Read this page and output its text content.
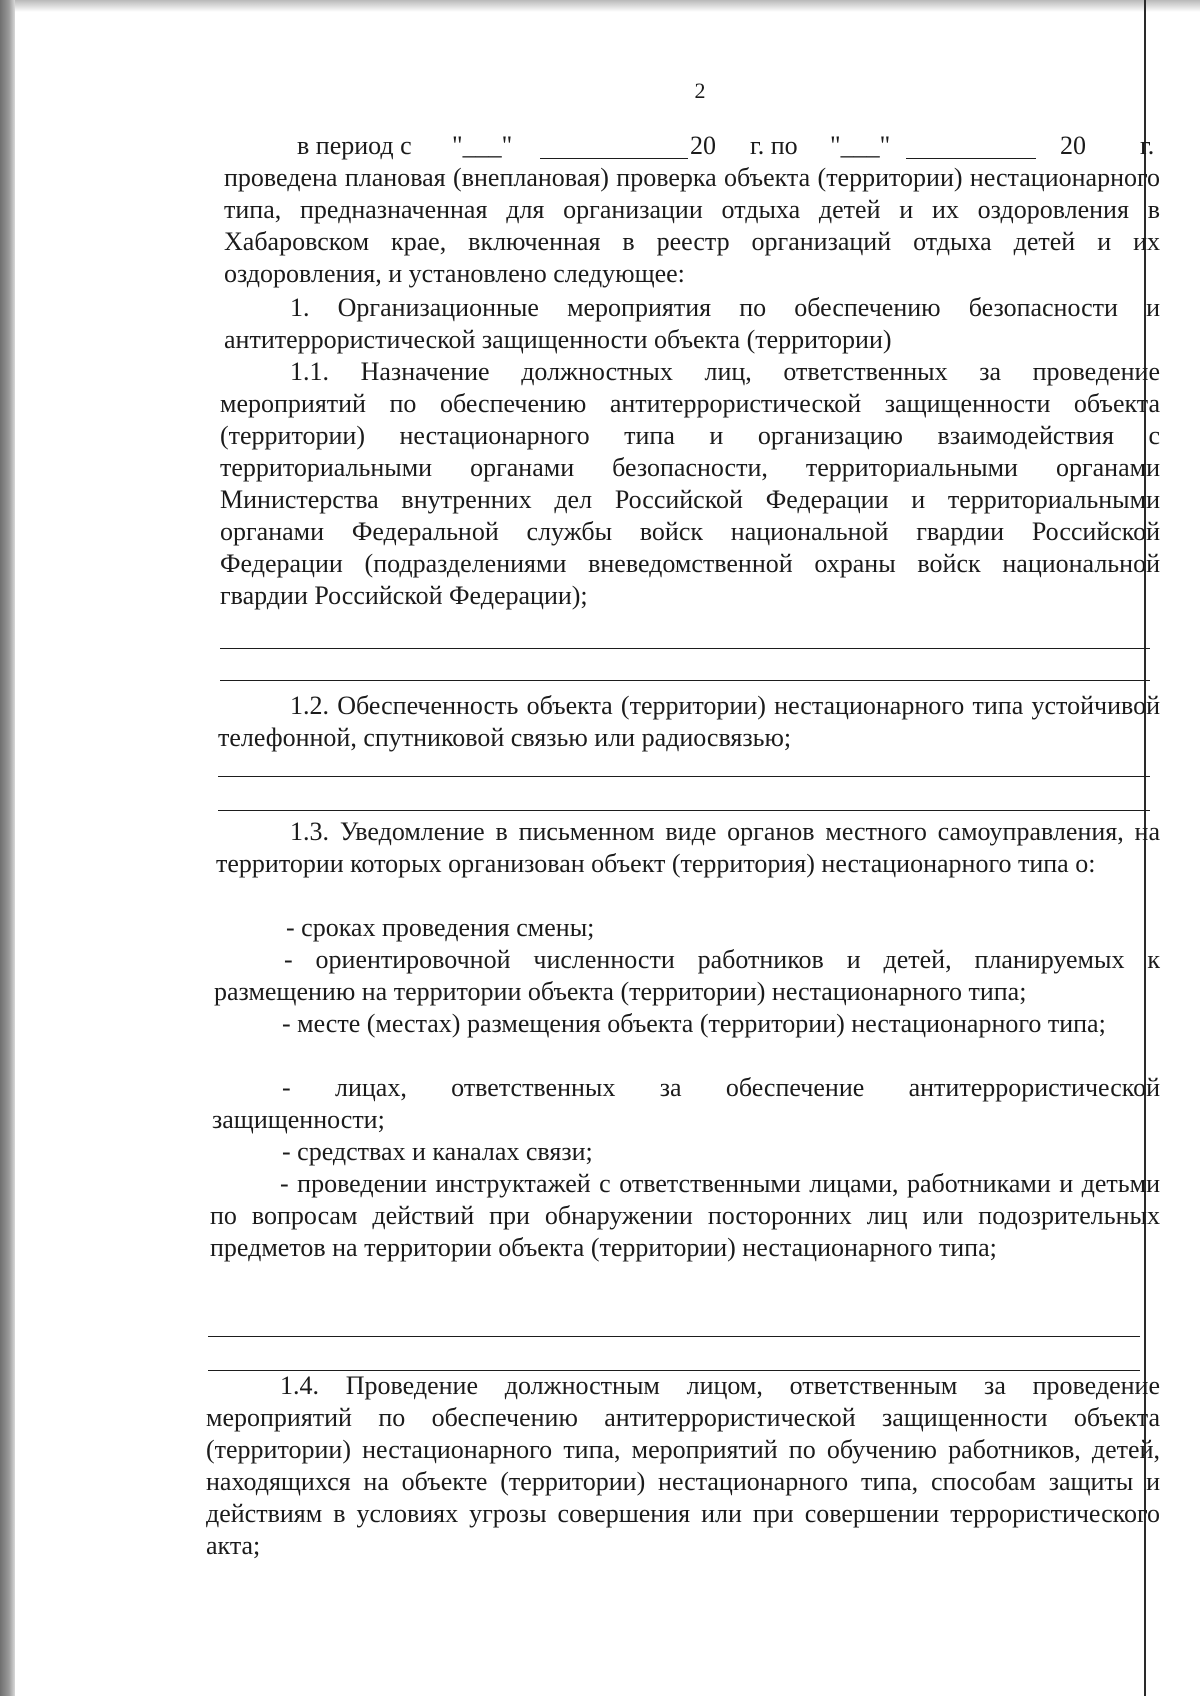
2
в период с "___"	20 г. по "___"	20 г.

проведена плановая (внеплановая) проверка объекта (территории) нестационарного типа, предназначенная для организации отдыха детей и их оздоровления в Хабаровском крае, включенная в реестр организаций отдыха детей и их оздоровления, и установлено следующее:

1. Организационные мероприятия по обеспечению безопасности и антитеррористической защищенности объекта (территории)

1.1. Назначение должностных лиц, ответственных за проведение мероприятий по обеспечению антитеррористической защищенности объекта (территории) нестационарного типа и организацию взаимодействия с территориальными органами безопасности, территориальными органами Министерства внутренних дел Российской Федерации и территориальными органами Федеральной службы войск национальной гвардии Российской Федерации (подразделениями вневедомственной охраны войск национальной гвардии Российской Федерации);

1.2. Обеспеченность объекта (территории) нестационарного типа устойчивой телефонной, спутниковой связью или радиосвязью;

1.3. Уведомление в письменном виде органов местного самоуправления, на территории которых организован объект (территория) нестационарного типа о:

- сроках проведения смены;

- ориентировочной численности работников и детей, планируемых к размещению на территории объекта (территории) нестационарного типа;

- месте (местах) размещения объекта (территории) нестационарного типа;

- лицах, ответственных за обеспечение антитеррористической защищенности;

- средствах и каналах связи;

- проведении инструктажей с ответственными лицами, работниками и детьми по вопросам действий при обнаружении посторонних лиц или подозрительных предметов на территории объекта (территории) нестационарного типа;

1.4. Проведение должностным лицом, ответственным за проведение мероприятий по обеспечению антитеррористической защищенности объекта (территории) нестационарного типа, мероприятий по обучению работников, детей, находящихся на объекте (территории) нестационарного типа, способам защиты и действиям в условиях угрозы совершения или при совершении террористического акта;
